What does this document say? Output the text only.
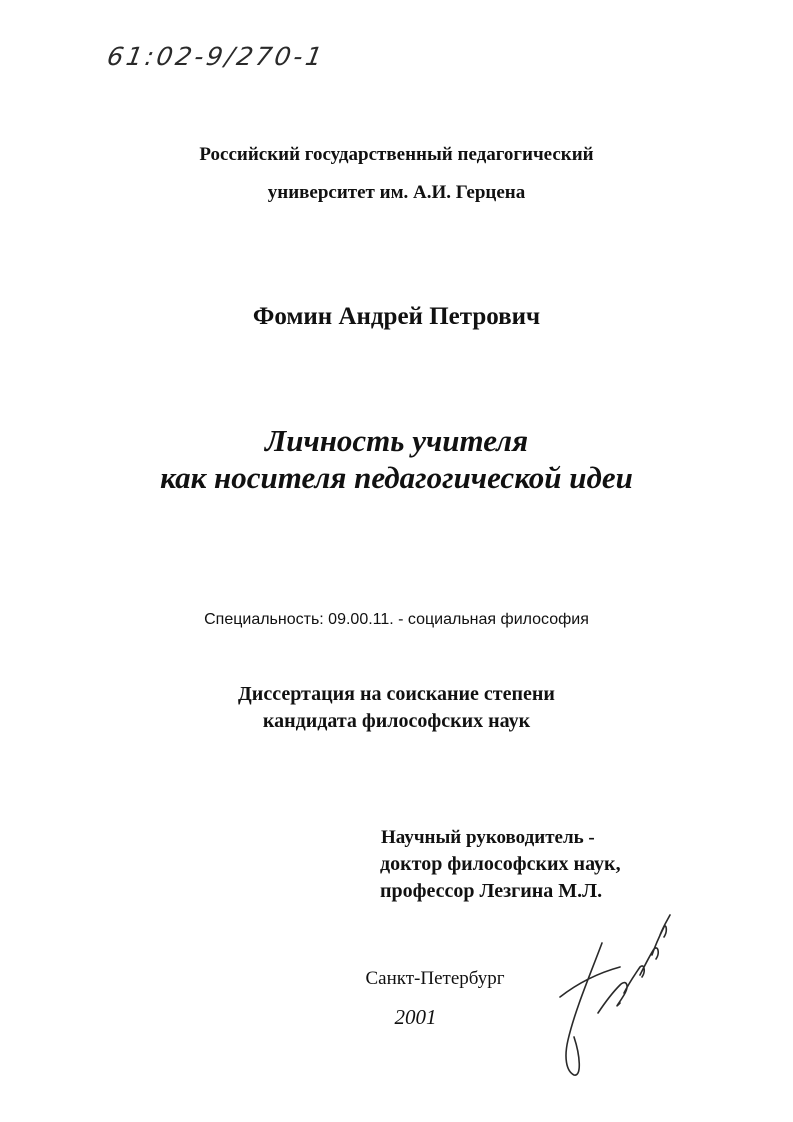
61:02-9/270-1
Российский государственный педагогический
университет им. А.И. Герцена
Фомин Андрей Петрович
Личность учителя
как носителя педагогической идеи
Специальность: 09.00.11. - социальная философия
Диссертация на соискание степени
кандидата философских наук
Научный руководитель -
доктор философских наук,
профессор Лезгина М.Л.
Санкт-Петербург
2001
